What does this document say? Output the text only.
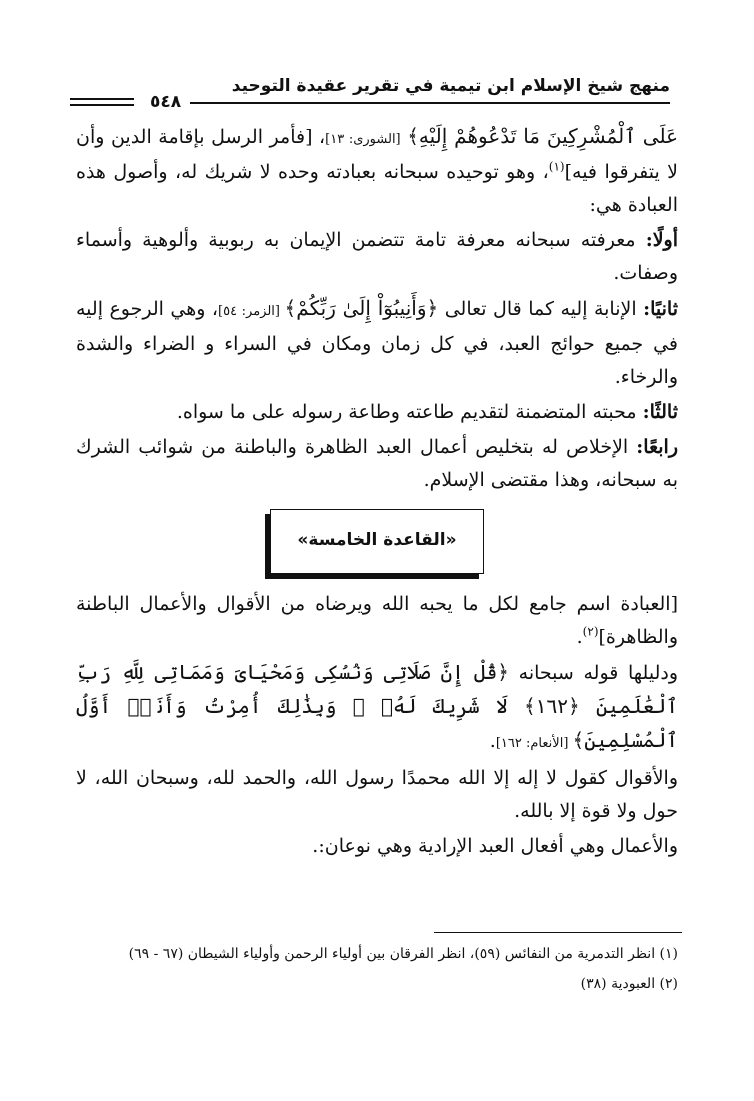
منهج شيخ الإسلام ابن تيمية في تقرير عقيدة التوحيد
٥٤٨

عَلَى ٱلْمُشْرِكِينَ مَا تَدْعُوهُمْ إِلَيْهِ﴾ [الشورى: ١٣]، [فأمر الرسل بإقامة الدين وأن لا يتفرقوا فيه]$^{(١)}$، وهو توحيده سبحانه بعبادته وحده لا شريك له، وأصول هذه العبادة هي:

أولًا: معرفته سبحانه معرفة تامة تتضمن الإيمان به ربوبية وألوهية وأسماء وصفات.

ثانيًا: الإنابة إليه كما قال تعالى ﴿وَأَنِيبُوٓاْ إِلَىٰ رَبِّكُمْ﴾ [الزمر: ٥٤]، وهي الرجوع إليه في جميع حوائج العبد، في كل زمان ومكان في السراء و الضراء والشدة والرخاء.

ثالثًا: محبته المتضمنة لتقديم طاعته وطاعة رسوله على ما سواه.

رابعًا: الإخلاص له بتخليص أعمال العبد الظاهرة والباطنة من شوائب الشرك به سبحانه، وهذا مقتضى الإسلام.

«القاعدة الخامسة»

[العبادة اسم جامع لكل ما يحبه الله ويرضاه من الأقوال والأعمال الباطنة والظاهرة]$^{(٢)}$.

ودليلها قوله سبحانه ﴿قُلْ إِنَّ صَلَاتِى وَنُسُكِى وَمَحْيَاىَ وَمَمَاتِى لِلَّهِ رَبِّ ٱلْعَٰلَمِينَ ﴿١٦٢﴾ لَا شَرِيكَ لَهُۥ ۖ وَبِذَٰلِكَ أُمِرْتُ وَأَنَا۠ أَوَّلُ ٱلْمُسْلِمِينَ﴾ [الأنعام: ١٦٢].

والأقوال كقول لا إله إلا الله محمدًا رسول الله، والحمد لله، وسبحان الله، لا حول ولا قوة إلا بالله.

والأعمال وهي أفعال العبد الإرادية وهي نوعان:.

(١) انظر التدمرية من النفائس (٥٩)، انظر الفرقان بين أولياء الرحمن وأولياء الشيطان (٦٧ - ٦٩)

(٢) العبودية (٣٨)
